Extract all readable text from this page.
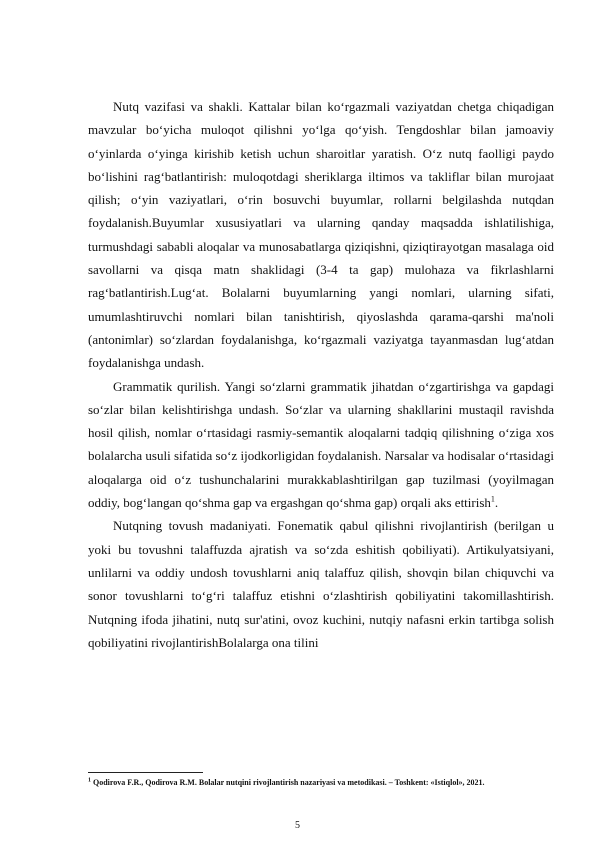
Nutq vazifasi va shakli. Kattalar bilan ko‘rgazmali vaziyatdan chetga chiqadigan mavzular bo‘yicha muloqot qilishni yo‘lga qo‘yish. Tengdoshlar bilan jamoaviy o‘yinlarda o‘yinga kirishib ketish uchun sharoitlar yaratish. O‘z nutq faolligi paydo bo‘lishini rag‘batlantirish: muloqotdagi sheriklarga iltimos va takliflar bilan murojaat qilish; o‘yin vaziyatlari, o‘rin bosuvchi buyumlar, rollarni belgilashda nutqdan foydalanish.Buyumlar xususiyatlari va ularning qanday maqsadda ishlatilishiga, turmushdagi sababli aloqalar va munosabatlarga qiziqishni, qiziqtirayotgan masalaga oid savollarni va qisqa matn shaklidagi (3-4 ta gap) mulohaza va fikrlashlarni rag‘batlantirish.Lug‘at. Bolalarni buyumlarning yangi nomlari, ularning sifati, umumlashtiruvchi nomlari bilan tanishtirish, qiyoslashda qarama-qarshi ma'noli (antonimlar) so‘zlardan foydalanishga, ko‘rgazmali vaziyatga tayanmasdan lug‘atdan foydalanishga undash.

Grammatik qurilish. Yangi so‘zlarni grammatik jihatdan o‘zgartirishga va gapdagi so‘zlar bilan kelishtirishga undash. So‘zlar va ularning shakllarini mustaqil ravishda hosil qilish, nomlar o‘rtasidagi rasmiy-semantik aloqalarni tadqiq qilishning o‘ziga xos bolalarcha usuli sifatida so‘z ijodkorligidan foydalanish. Narsalar va hodisalar o‘rtasidagi aloqalarga oid o‘z tushunchalarini murakkablashtirilgan gap tuzilmasi (yoyilmagan oddiy, bog‘langan qo‘shma gap va ergashgan qo‘shma gap) orqali aks ettirish$^1$.

Nutqning tovush madaniyati. Fonematik qabul qilishni rivojlantirish (berilgan u yoki bu tovushni talaffuzda ajratish va so‘zda eshitish qobiliyati). Artikulyatsiyani, unlilarni va oddiy undosh tovushlarni aniq talaffuz qilish, shovqin bilan chiquvchi va sonor tovushlarni to‘g‘ri talaffuz etishni o‘zlashtirish qobiliyatini takomillashtirish. Nutqning ifoda jihatini, nutq sur'atini, ovoz kuchini, nutqiy nafasni erkin tartibga solish qobiliyatini rivojlantirishBolalarga ona tilini

$^1$ Qodirova F.R., Qodirova R.M. Bolalar nutqini rivojlantirish nazariyasi va metodikasi. – Toshkent: «Istiqlol», 2021.
5
